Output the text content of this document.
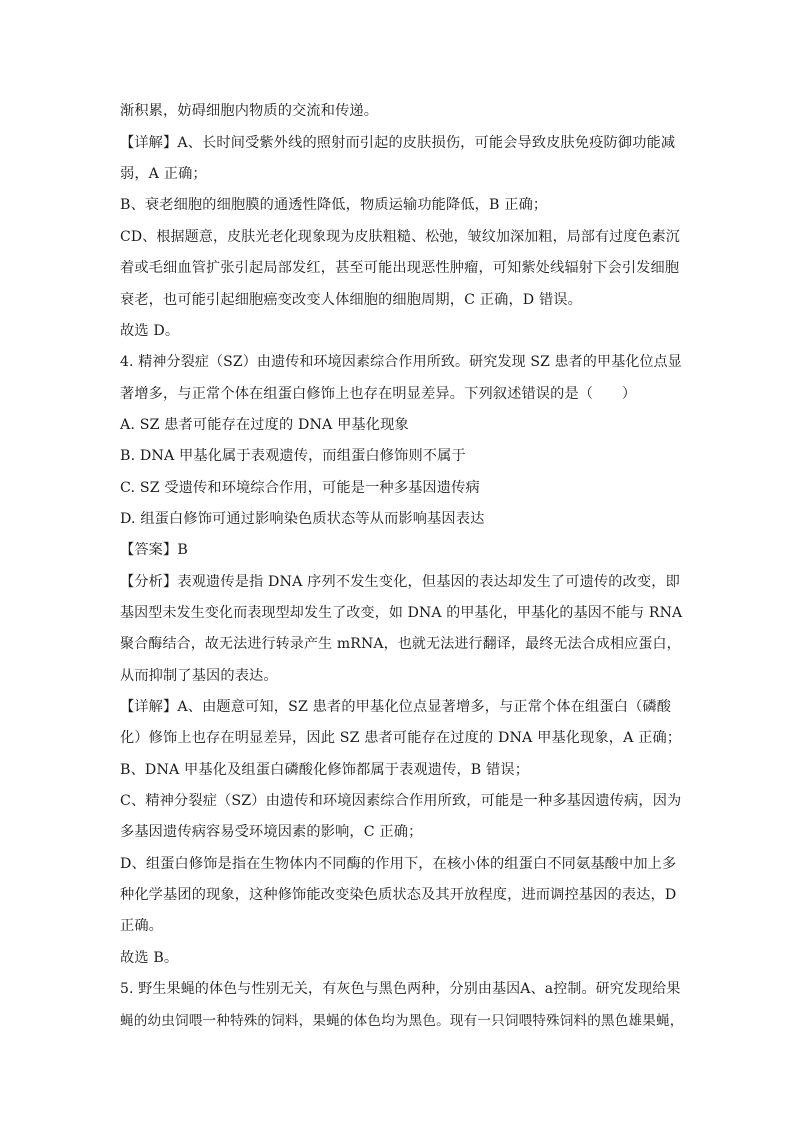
渐积累，妨碍细胞内物质的交流和传递。
【详解】A、长时间受紫外线的照射而引起的皮肤损伤，可能会导致皮肤免疫防御功能减
弱，A 正确；
B、衰老细胞的细胞膜的通透性降低，物质运输功能降低，B 正确；
CD、根据题意，皮肤光老化现象现为皮肤粗糙、松弛，皱纹加深加粗，局部有过度色素沉
着或毛细血管扩张引起局部发红，甚至可能出现恶性肿瘤，可知紫处线辐射下会引发细胞
衰老，也可能引起细胞癌变改变人体细胞的细胞周期，C 正确，D 错误。
故选 D。
4. 精神分裂症（SZ）由遗传和环境因素综合作用所致。研究发现 SZ 患者的甲基化位点显
著增多，与正常个体在组蛋白修饰上也存在明显差异。下列叙述错误的是（　　）
A. SZ 患者可能存在过度的 DNA 甲基化现象
B. DNA 甲基化属于表观遗传，而组蛋白修饰则不属于
C. SZ 受遗传和环境综合作用，可能是一种多基因遗传病
D. 组蛋白修饰可通过影响染色质状态等从而影响基因表达
【答案】B
【分析】表观遗传是指 DNA 序列不发生变化，但基因的表达却发生了可遗传的改变，即
基因型未发生变化而表现型却发生了改变，如 DNA 的甲基化，甲基化的基因不能与 RNA
聚合酶结合，故无法进行转录产生 mRNA，也就无法进行翻译，最终无法合成相应蛋白，
从而抑制了基因的表达。
【详解】A、由题意可知，SZ 患者的甲基化位点显著增多，与正常个体在组蛋白（磷酸
化）修饰上也存在明显差异，因此 SZ 患者可能存在过度的 DNA 甲基化现象，A 正确；
B、DNA 甲基化及组蛋白磷酸化修饰都属于表观遗传，B 错误；
C、精神分裂症（SZ）由遗传和环境因素综合作用所致，可能是一种多基因遗传病，因为
多基因遗传病容易受环境因素的影响，C 正确；
D、组蛋白修饰是指在生物体内不同酶的作用下，在核小体的组蛋白不同氨基酸中加上多
种化学基团的现象，这种修饰能改变染色质状态及其开放程度，进而调控基因的表达，D
正确。
故选 B。
5. 野生果蝇的体色与性别无关，有灰色与黑色两种，分别由基因A、a控制。研究发现给果
蝇的幼虫饲喂一种特殊的饲料，果蝇的体色均为黑色。现有一只饲喂特殊饲料的黑色雄果蝇，
